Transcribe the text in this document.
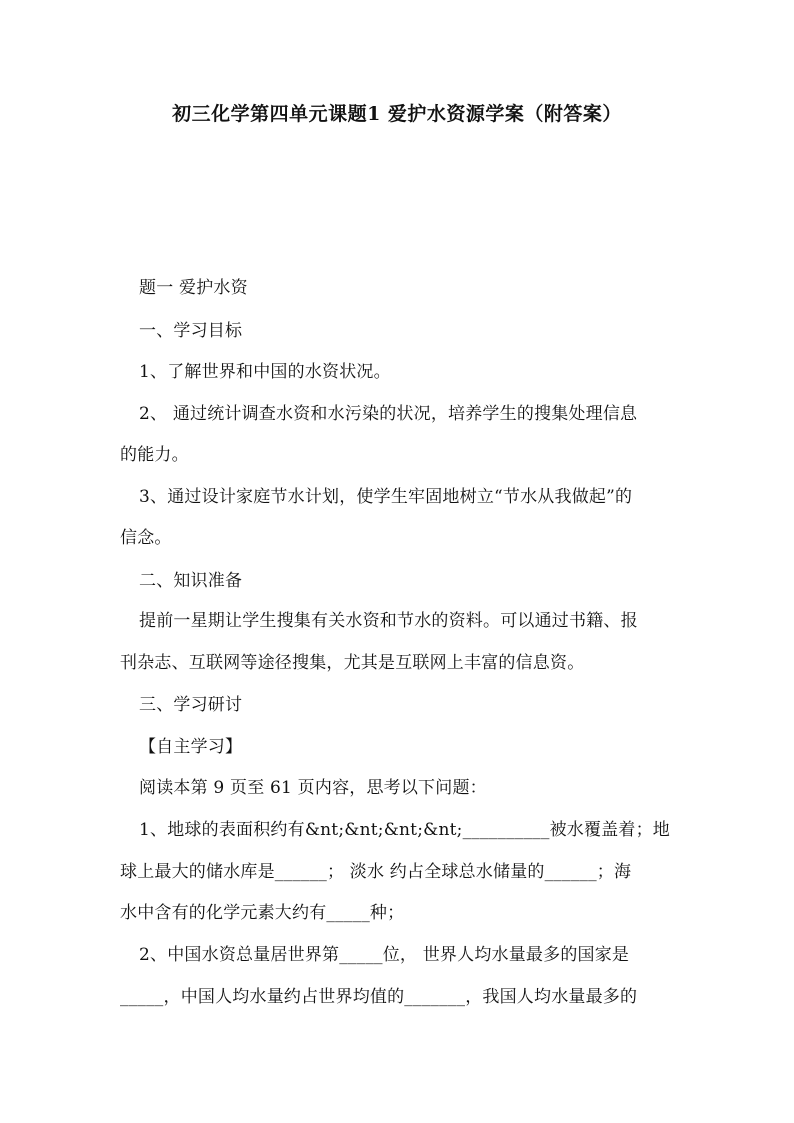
初三化学第四单元课题1 爱护水资源学案（附答案）
题一 爱护水资
一、学习目标
1、了解世界和中国的水资状况。
2、 通过统计调查水资和水污染的状况，培养学生的搜集处理信息
的能力。
3、通过设计家庭节水计划，使学生牢固地树立“节水从我做起”的
信念。
二、知识准备
提前一星期让学生搜集有关水资和节水的资料。可以通过书籍、报
刊杂志、互联网等途径搜集，尤其是互联网上丰富的信息资。
三、学习研讨
【自主学习】
阅读本第 9 页至 61 页内容，思考以下问题：
1、地球的表面积约有&nt;&nt;&nt;&nt;__________被水覆盖着；地
球上最大的储水库是______； 淡水 约占全球总水储量的______；海
水中含有的化学元素大约有_____种；
2、中国水资总量居世界第_____位， 世界人均水量最多的国家是
_____，中国人均水量约占世界均值的_______，我国人均水量最多的
